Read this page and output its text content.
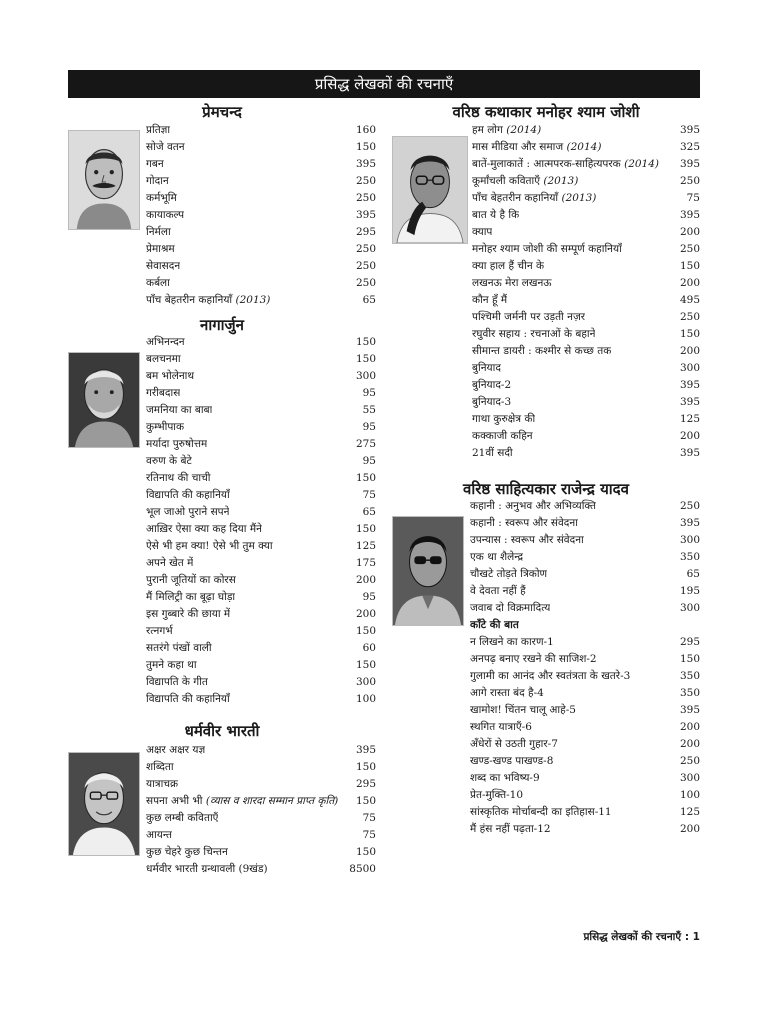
प्रसिद्ध लेखकों की रचनाएँ
प्रेमचन्द
प्रतिज्ञा	160
सोजे वतन	150
गबन	395
गोदान	250
कर्मभूमि	250
कायाकल्प	395
निर्मला	295
प्रेमाश्रम	250
सेवासदन	250
कर्बला	250
पाँच बेहतरीन कहानियाँ (2013)	65
नागार्जुन
अभिनन्दन	150
बलचनमा	150
बम भोलेनाथ	300
गरीबदास	95
जमनिया का बाबा	55
कुम्भीपाक	95
मर्यादा पुरुषोत्तम	275
वरुण के बेटे	95
रतिनाथ की चाची	150
विद्यापति की कहानियाँ	75
भूल जाओ पुराने सपने	65
आख़िर ऐसा क्या कह दिया मैंने	150
ऐसे भी हम क्या! ऐसे भी तुम क्या	125
अपने खेत में	175
पुरानी जूतियों का कोरस	200
मैं मिलिट्री का बूढ़ा घोड़ा	95
इस गुब्बारे की छाया में	200
रत्नगर्भ	150
सतरंगे पंखों वाली	60
तुमने कहा था	150
विद्यापति के गीत	300
विद्यापति की कहानियाँ	100
धर्मवीर भारती
अक्षर अक्षर यज्ञ	395
शब्दिता	150
यात्राचक्र	295
सपना अभी भी (व्यास व शारदा सम्मान प्राप्त कृति)	150
कुछ लम्बी कविताएँ	75
आयन्त	75
कुछ चेहरे कुछ चिन्तन	150
धर्मवीर भारती ग्रन्थावली (9खंड)	8500
वरिष्ठ कथाकार मनोहर श्याम जोशी
हम लोग (2014)	395
मास मीडिया और समाज (2014)	325
बातें-मुलाकातें : आत्मपरक-साहित्यपरक (2014)	395
कूर्मांचली कविताएँ (2013)	250
पाँच बेहतरीन कहानियाँ (2013)	75
बात ये है कि	395
क्याप	200
मनोहर श्याम जोशी की सम्पूर्ण कहानियाँ	250
क्या हाल हैं चीन के	150
लखनऊ मेरा लखनऊ	200
कौन हूँ मैं	495
पश्चिमी जर्मनी पर उड़ती नज़र	250
रघुवीर सहाय : रचनाओं के बहाने	150
सीमान्त डायरी : कश्मीर से कच्छ तक	200
बुनियाद	300
बुनियाद-2	395
बुनियाद-3	395
गाथा कुरुक्षेत्र की	125
कक्काजी कहिन	200
21वीं सदी	395
वरिष्ठ साहित्यकार राजेन्द्र यादव
कहानी : अनुभव और अभिव्यक्ति	250
कहानी : स्वरूप और संवेदना	395
उपन्यास : स्वरूप और संवेदना	300
एक था शैलेन्द्र	350
चौखटे तोड़ते त्रिकोण	65
वे देवता नहीं हैं	195
जवाब दो विक्रमादित्य	300
काँटे की बात
न लिखने का कारण-1	295
अनपढ़ बनाए रखने की साजिश-2	150
गुलामी का आनंद और स्वतंत्रता के खतरे-3	350
आगे रास्ता बंद है-4	350
खामोश! चिंतन चालू आहे-5	395
स्थगित यात्राएँ-6	200
अँधेरों से उठती गुहार-7	200
खण्ड-खण्ड पाखण्ड-8	250
शब्द का भविष्य-9	300
प्रेत-मुक्ति-10	100
सांस्कृतिक मोर्चाबन्दी का इतिहास-11	125
मैं हंस नहीं पढ़ता-12	200
प्रसिद्ध लेखकों की रचनाएँ : 1
